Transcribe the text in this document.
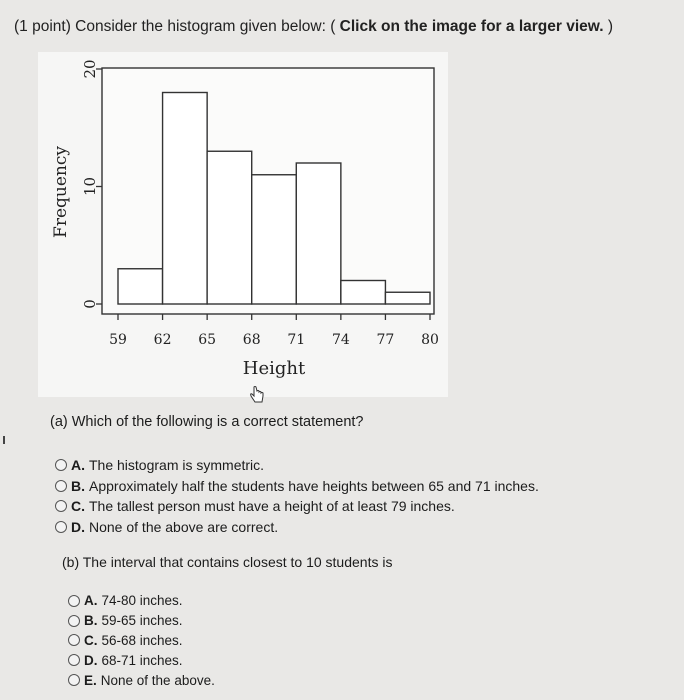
(1 point) Consider the histogram given below: ( Click on the image for a larger view. )
0
10
20
59 62 65 68 71 74 77 80
Height
Frequency
(a) Which of the following is a correct statement?
A. The histogram is symmetric.
B. Approximately half the students have heights between 65 and 71 inches.
C. The tallest person must have a height of at least 79 inches.
D. None of the above are correct.
(b) The interval that contains closest to 10 students is
A. 74-80 inches.
B. 59-65 inches.
C. 56-68 inches.
D. 68-71 inches.
E. None of the above.
